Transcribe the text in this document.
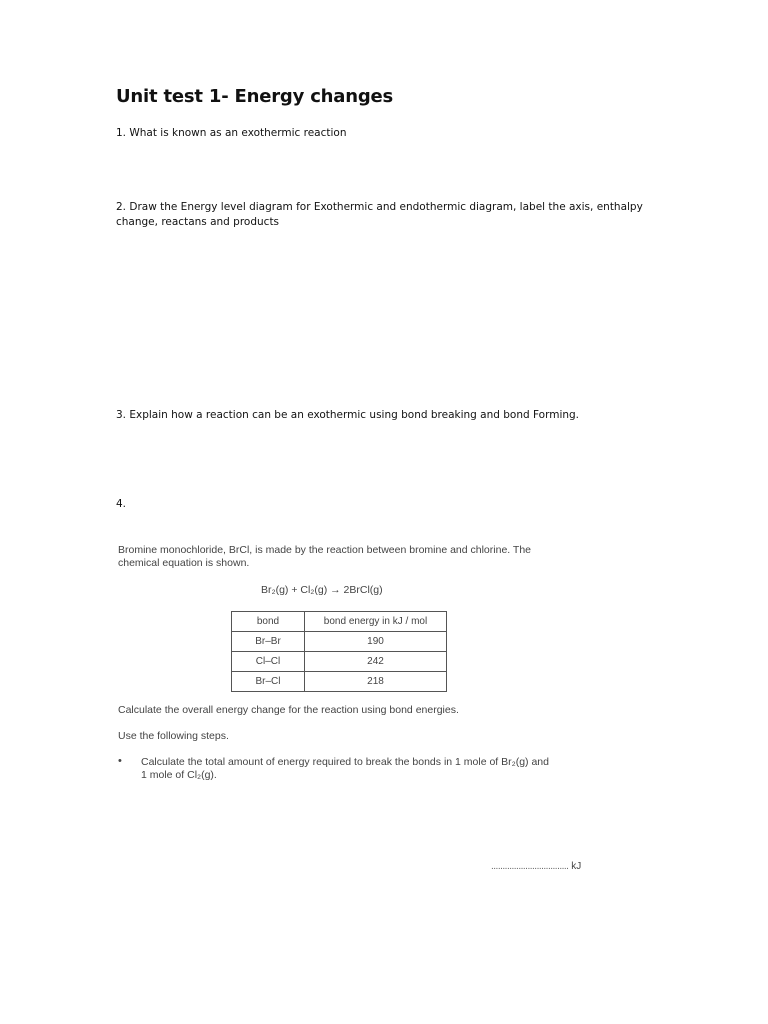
Unit test 1- Energy changes
1. What is known as an exothermic reaction
2. Draw the Energy level diagram for Exothermic and endothermic diagram, label the axis, enthalpy change, reactans and products
3. Explain how a reaction can be an exothermic using bond breaking and bond Forming.
4.
Bromine monochloride, BrCl, is made by the reaction between bromine and chlorine. The
chemical equation is shown.
Br₂(g) + Cl₂(g) → 2BrCl(g)
bond	bond energy in kJ / mol
Br–Br	190
Cl–Cl	242
Br–Cl	218
Calculate the overall energy change for the reaction using bond energies.
Use the following steps.
• Calculate the total amount of energy required to break the bonds in 1 mole of Br₂(g) and
1 mole of Cl₂(g).
.................................. kJ
